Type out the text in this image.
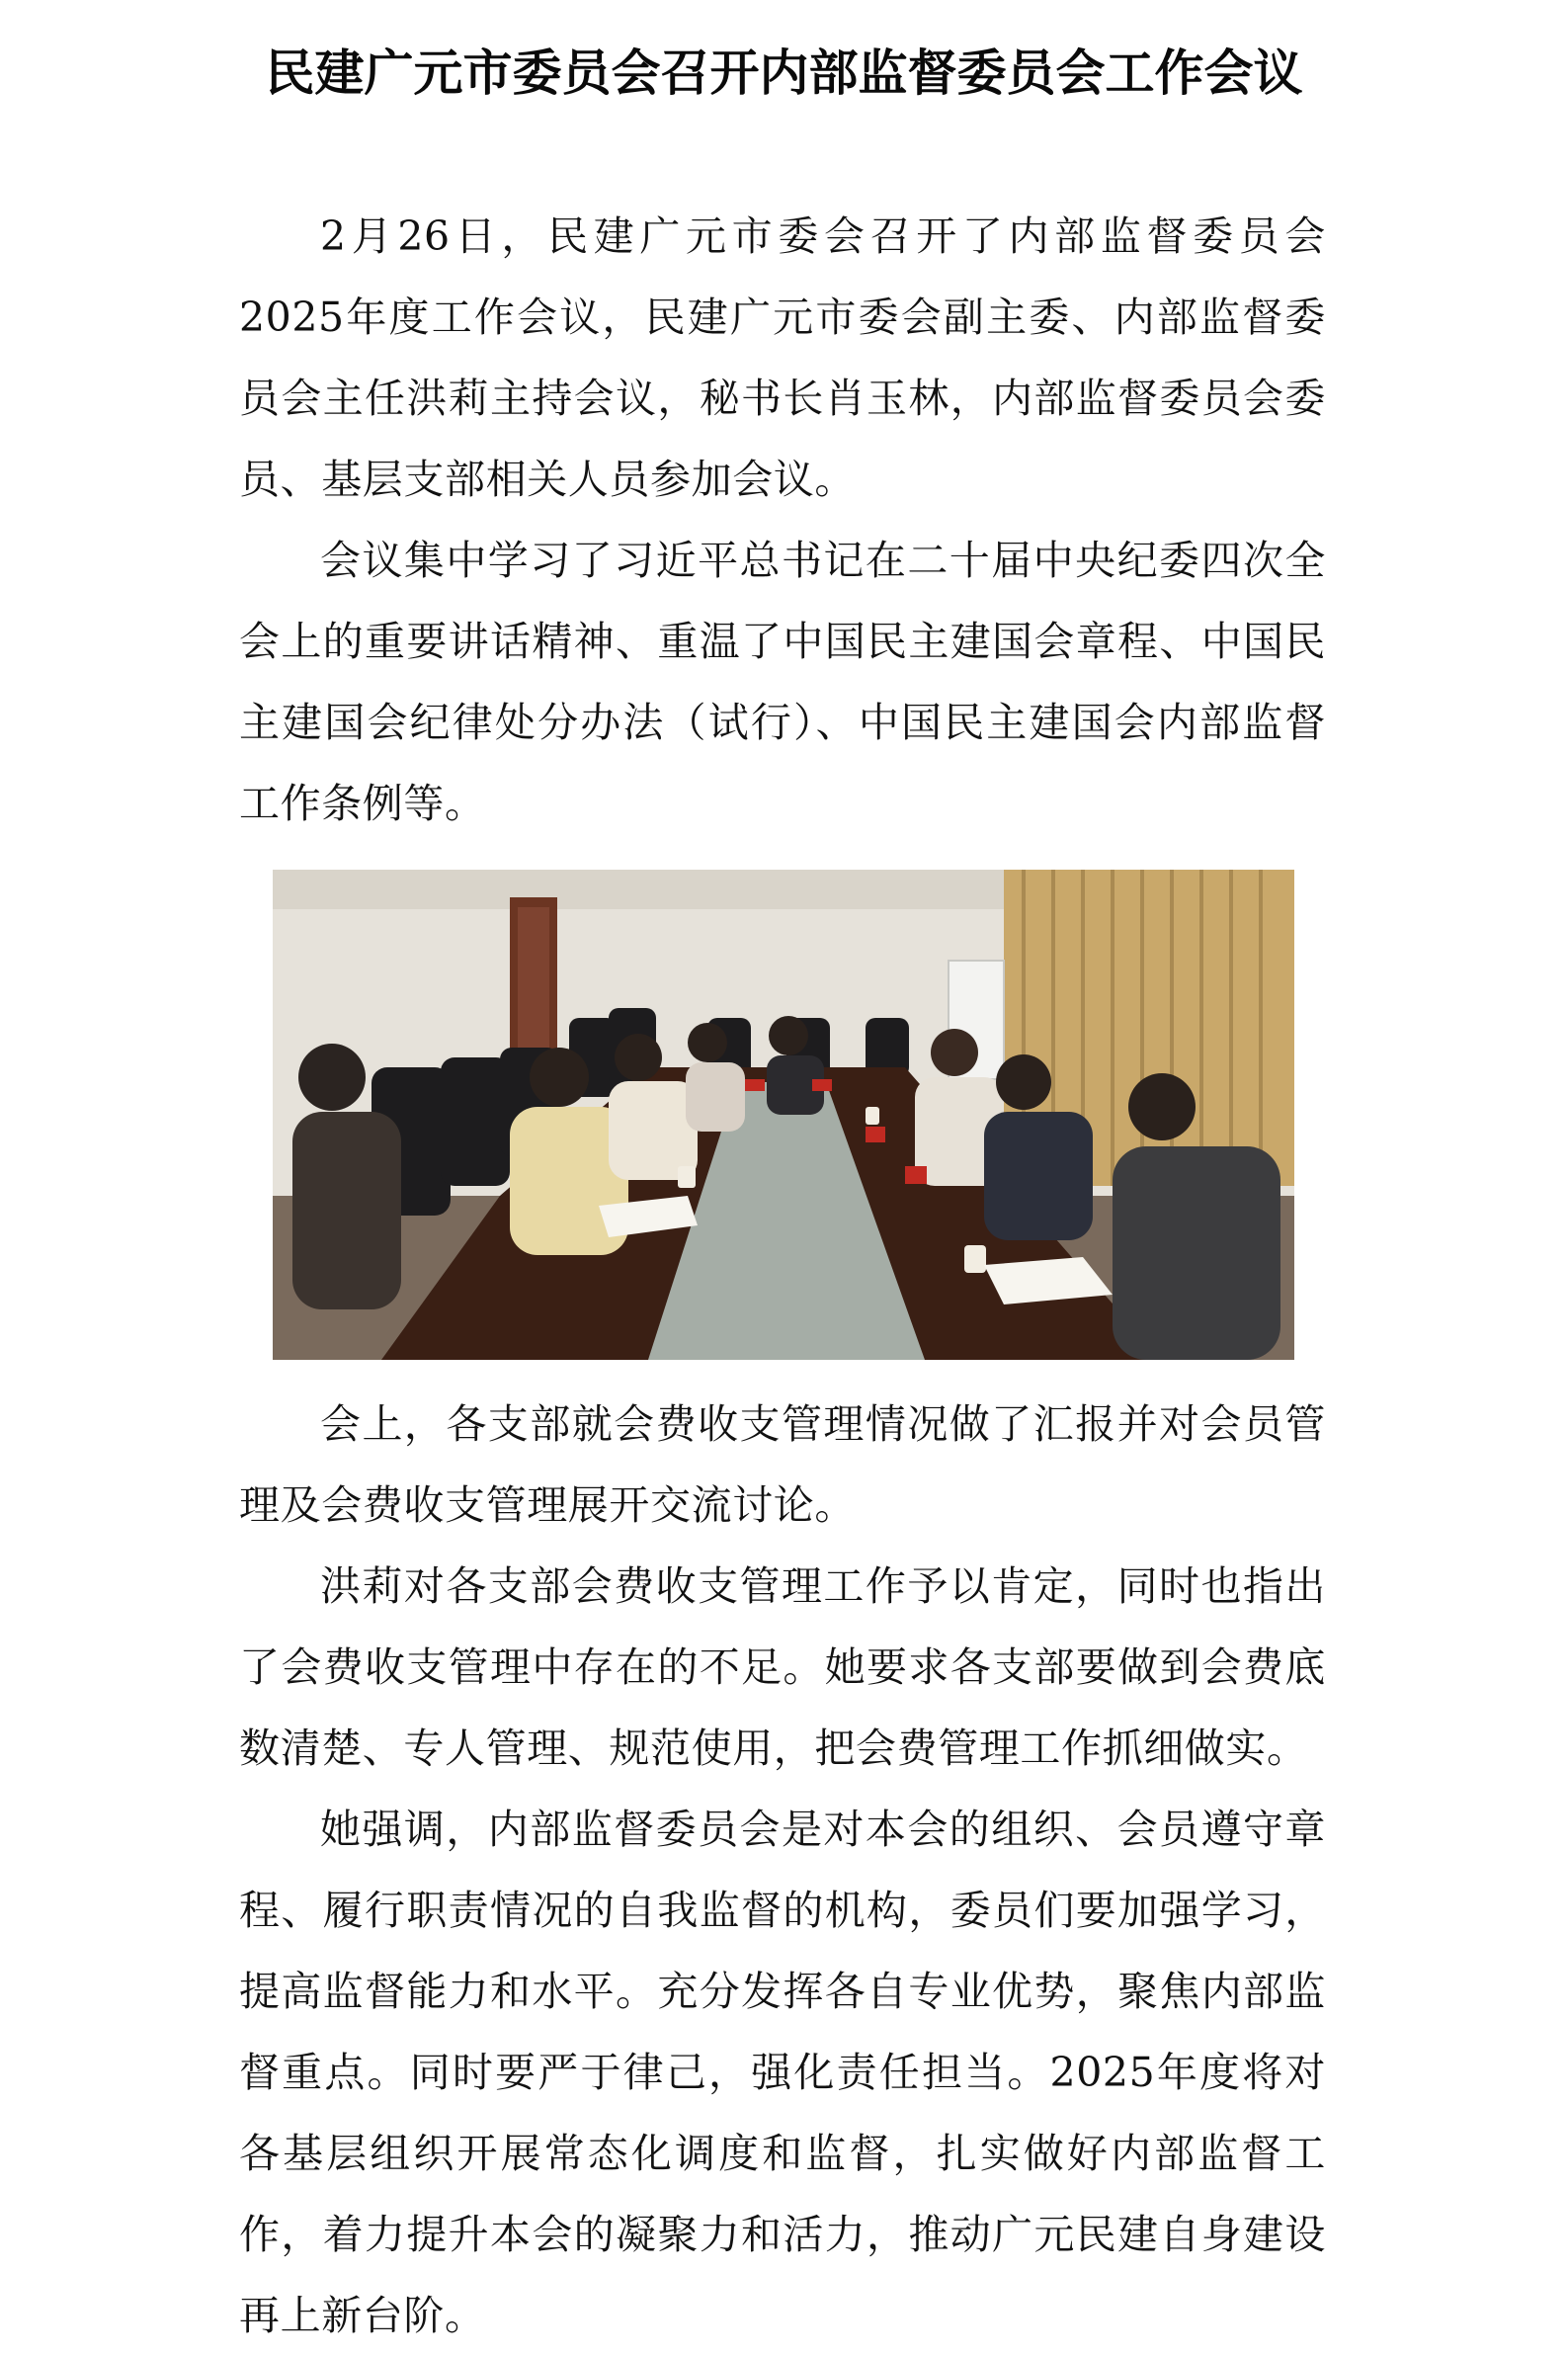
民建广元市委员会召开内部监督委员会工作会议

2月26日，民建广元市委会召开了内部监督委员会2025年度工作会议，民建广元市委会副主委、内部监督委员会主任洪莉主持会议，秘书长肖玉林，内部监督委员会委员、基层支部相关人员参加会议。

会议集中学习了习近平总书记在二十届中央纪委四次全会上的重要讲话精神、重温了中国民主建国会章程、中国民主建国会纪律处分办法（试行）、中国民主建国会内部监督工作条例等。

会上，各支部就会费收支管理情况做了汇报并对会员管理及会费收支管理展开交流讨论。

洪莉对各支部会费收支管理工作予以肯定，同时也指出了会费收支管理中存在的不足。她要求各支部要做到会费底数清楚、专人管理、规范使用，把会费管理工作抓细做实。

她强调，内部监督委员会是对本会的组织、会员遵守章程、履行职责情况的自我监督的机构，委员们要加强学习，提高监督能力和水平。充分发挥各自专业优势，聚焦内部监督重点。同时要严于律己，强化责任担当。2025年度将对各基层组织开展常态化调度和监督，扎实做好内部监督工作，着力提升本会的凝聚力和活力，推动广元民建自身建设再上新台阶。
